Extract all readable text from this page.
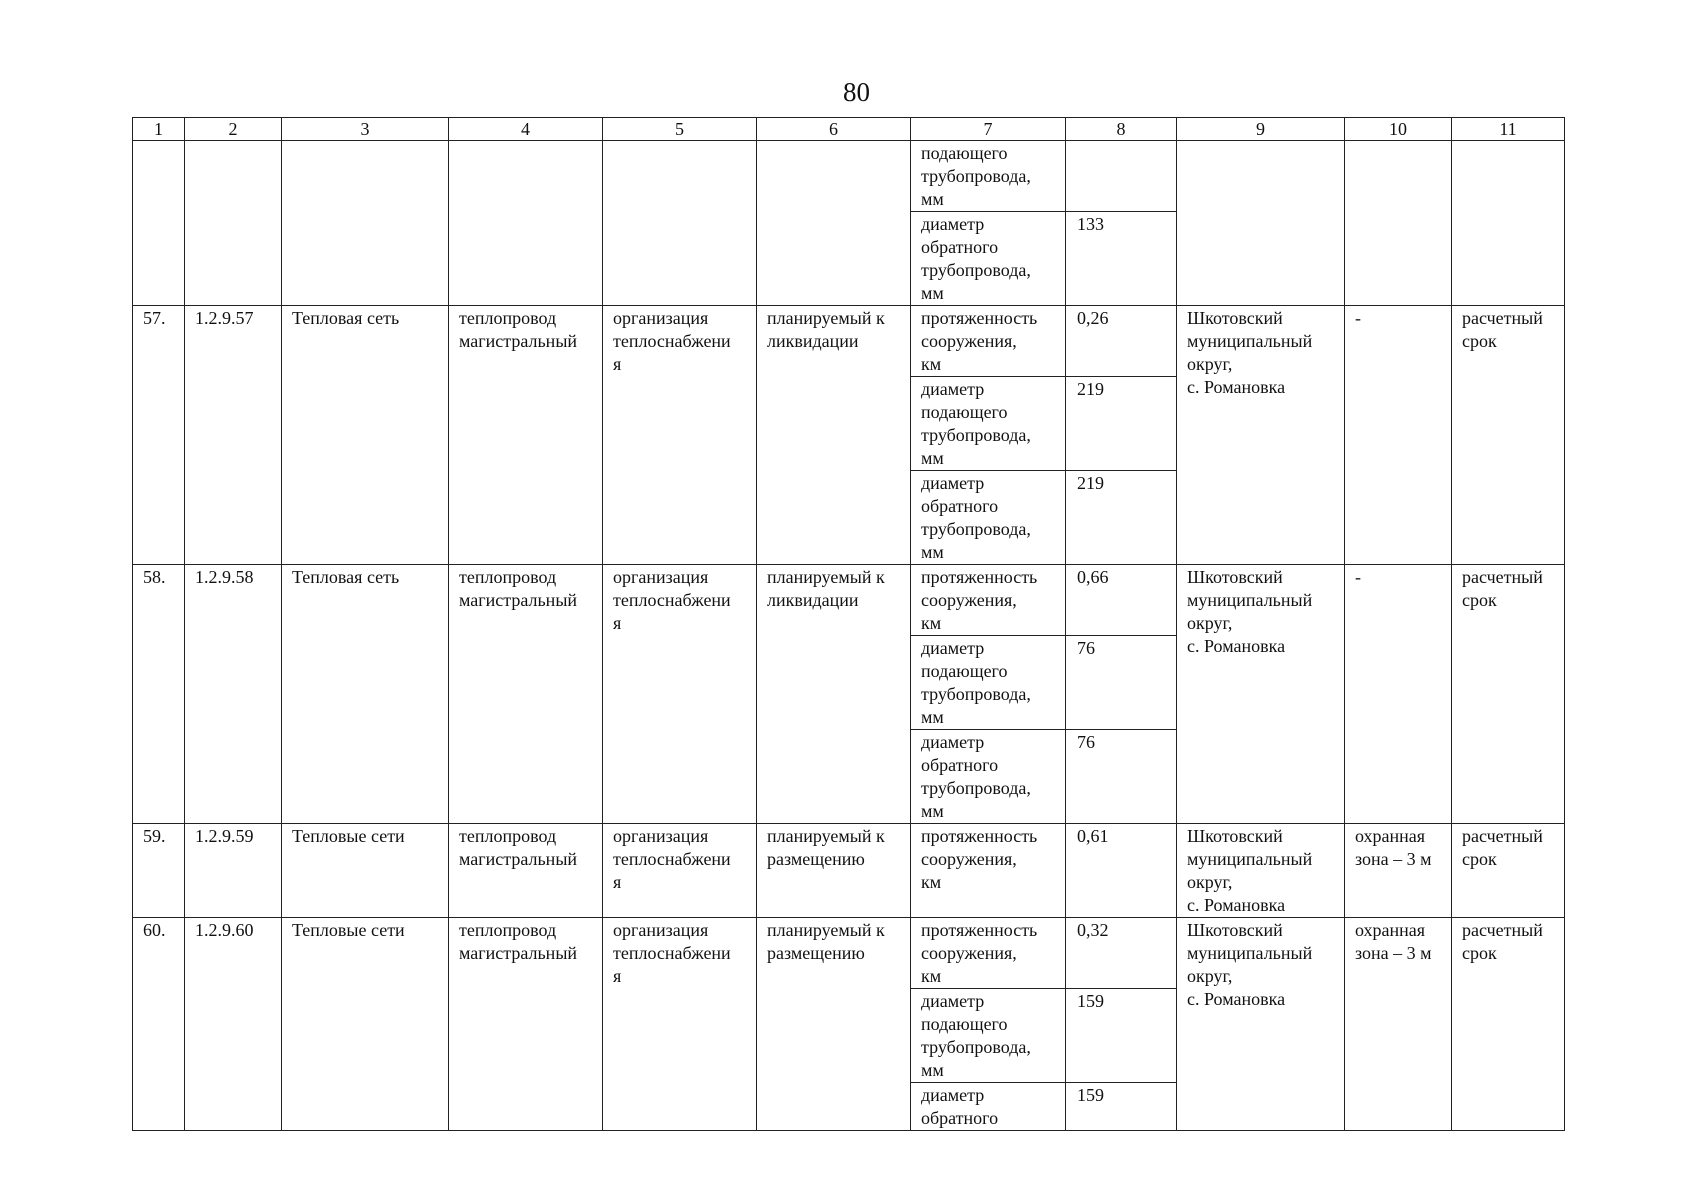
80
1	2	3	4	5	6	7	8	9	10	11

						подающего
трубопровода,
мм				

						диаметр
обратного
трубопровода,
мм	133			

57.	1.2.9.57	Тепловая сеть	теплопровод
магистральный	организация
теплоснабжени
я	планируемый к
ликвидации	протяженность
сооружения,
км	0,26	Шкотовский
муниципальный
округ,
с. Романовка	-	расчетный
срок

						диаметр
подающего
трубопровода,
мм	219			

						диаметр
обратного
трубопровода,
мм	219			

58.	1.2.9.58	Тепловая сеть	теплопровод
магистральный	организация
теплоснабжени
я	планируемый к
ликвидации	протяженность
сооружения,
км	0,66	Шкотовский
муниципальный
округ,
с. Романовка	-	расчетный
срок

						диаметр
подающего
трубопровода,
мм	76			

						диаметр
обратного
трубопровода,
мм	76			

59.	1.2.9.59	Тепловые сети	теплопровод
магистральный	организация
теплоснабжени
я	планируемый к
размещению	протяженность
сооружения,
км	0,61	Шкотовский
муниципальный
округ,
с. Романовка	охранная
зона – 3 м	расчетный
срок

60.	1.2.9.60	Тепловые сети	теплопровод
магистральный	организация
теплоснабжени
я	планируемый к
размещению	протяженность
сооружения,
км	0,32	Шкотовский
муниципальный
округ,
с. Романовка	охранная
зона – 3 м	расчетный
срок

						диаметр
подающего
трубопровода,
мм	159			

						диаметр
обратного	159			
